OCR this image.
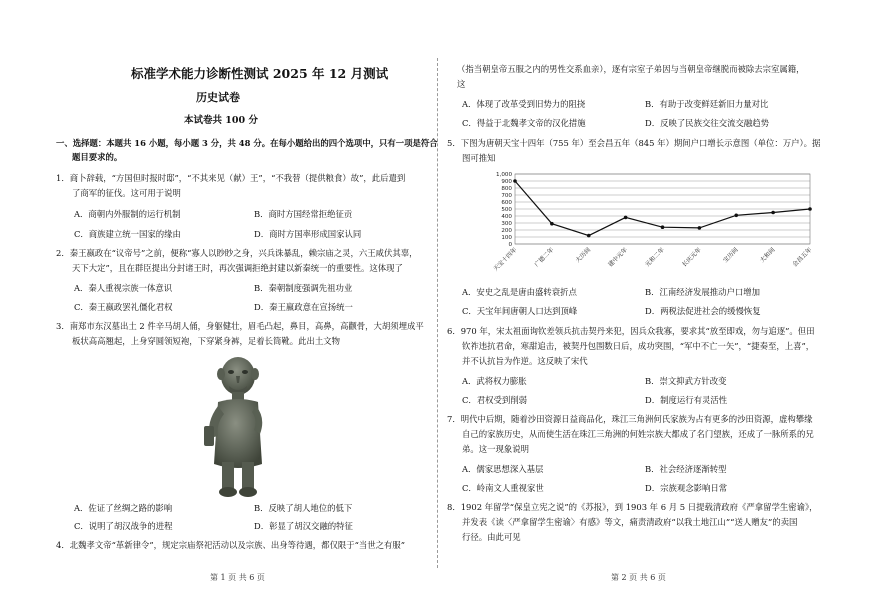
标准学术能力诊断性测试 2025 年 12 月测试
历史试卷
本试卷共 100 分
一、选择题：本题共 16 小题，每小题 3 分，共 48 分。在每小题给出的四个选项中，只有一项是符合
题目要求的。
1．商卜辞载，“方国但时报时邸”，“不其来见（献）王”，“不我替（提供粮食）故”，此后遣到
了商军的征伐。这可用于说明
A．商朝内外服制的运行机制	B．商时方国经常拒绝征贡
C．商族建立统一国家的缘由	D．商时方国率形成国家认同
2．秦王嬴政在“议帝号”之前，便称“寡人以眇眇之身，兴兵诛暴乱，赖宗庙之灵，六王咸伏其辜，
天下大定”，且在群臣提出分封诸王时，再次强调拒绝封建以新秦统一的重要性。这体现了
A．秦人重视宗族一体意识	B．秦朝制度强调先祖功业
C．秦王嬴政罢礼僵化君权	D．秦王嬴政意在宣扬统一
3．南郑市东汉墓出土 2 件辛马胡人俑，身躯健壮，眉毛凸起，鼻目，高鼻，高颧骨，大胡须埋成平
板状高高翘起，上身穿圆领短袍，下穿紧身裤，足着长筒靴。此出土文物
A．佐证了丝绸之路的影响	B．反映了胡人地位的低下
C．说明了胡汉战争的进程	D．彰显了胡汉交融的特征
4．北魏孝文帝“革新律令”，规定宗庙祭祀活动以及宗族、出身等待遇，都仅限于“当世之有服”
第 1 页 共 6 页
（指当朝皇帝五服之内的男性交系血亲），逐有宗室子弟因与当朝皇帝继脱而被除去宗室属籍，
这
A．体现了改革受到旧势力的阻挠	B．有助于改变鲜廷新旧力量对比
C．得益于北魏孝文帝的汉化措施	D．反映了民族交往交流交融趋势
5．下图为唐朝天宝十四年（755 年）至会昌五年（845 年）期间户口增长示意图（单位：万户）。据
图可推知
1,000
900
800
700
600
500
400
300
200
100
0
天宝十四年 广德二年	大历间 建中元年 元和二年 长庆元年	宝历间	大和间 会昌五年
A．安史之乱是唐由盛转衰折点	B．江南经济发展推动户口增加
C．天宝年间唐朝人口达到顶峰	D．两税法促进社会的缓慢恢复
6．970 年，宋太祖面询钦差领兵抗击契丹来犯，因兵众我寡，要求其“放至即戏，勿与追逐”。但田
钦祚违抗君命，寒甜追击，被契丹包围数日后，成功突围，“军中不亡一矢”，“捷奏至，上喜”，
并不认抗旨为作逆。这反映了宋代
A．武将权力膨胀	B．崇文抑武方针改变
C．君权受到削弱	D．制度运行有灵活性
7．明代中后期，随着沙田资源日益商品化，珠江三角洲何氏家族为占有更多的沙田资源，虚构攀缘
自己的家族历史，从而使生活在珠江三角洲的何姓宗族大都成了名门望族，还成了一脉所系的兄
弟。这一现象说明
A．儒家思想深入基层	B．社会经济逐渐转型
C．岭南文人重视家世	D．宗族观念影响日常
8．1902 年留学“保皇立宪之说”的《苏报》，到 1903 年 6 月 5 日提载清政府《严拿留学生密谕》，
并发表《读〈严拿留学生密谕〉有感》等文，痛责清政府“以我土地江山”“送人赠友”的卖国
行径。由此可见
第 2 页 共 6 页
